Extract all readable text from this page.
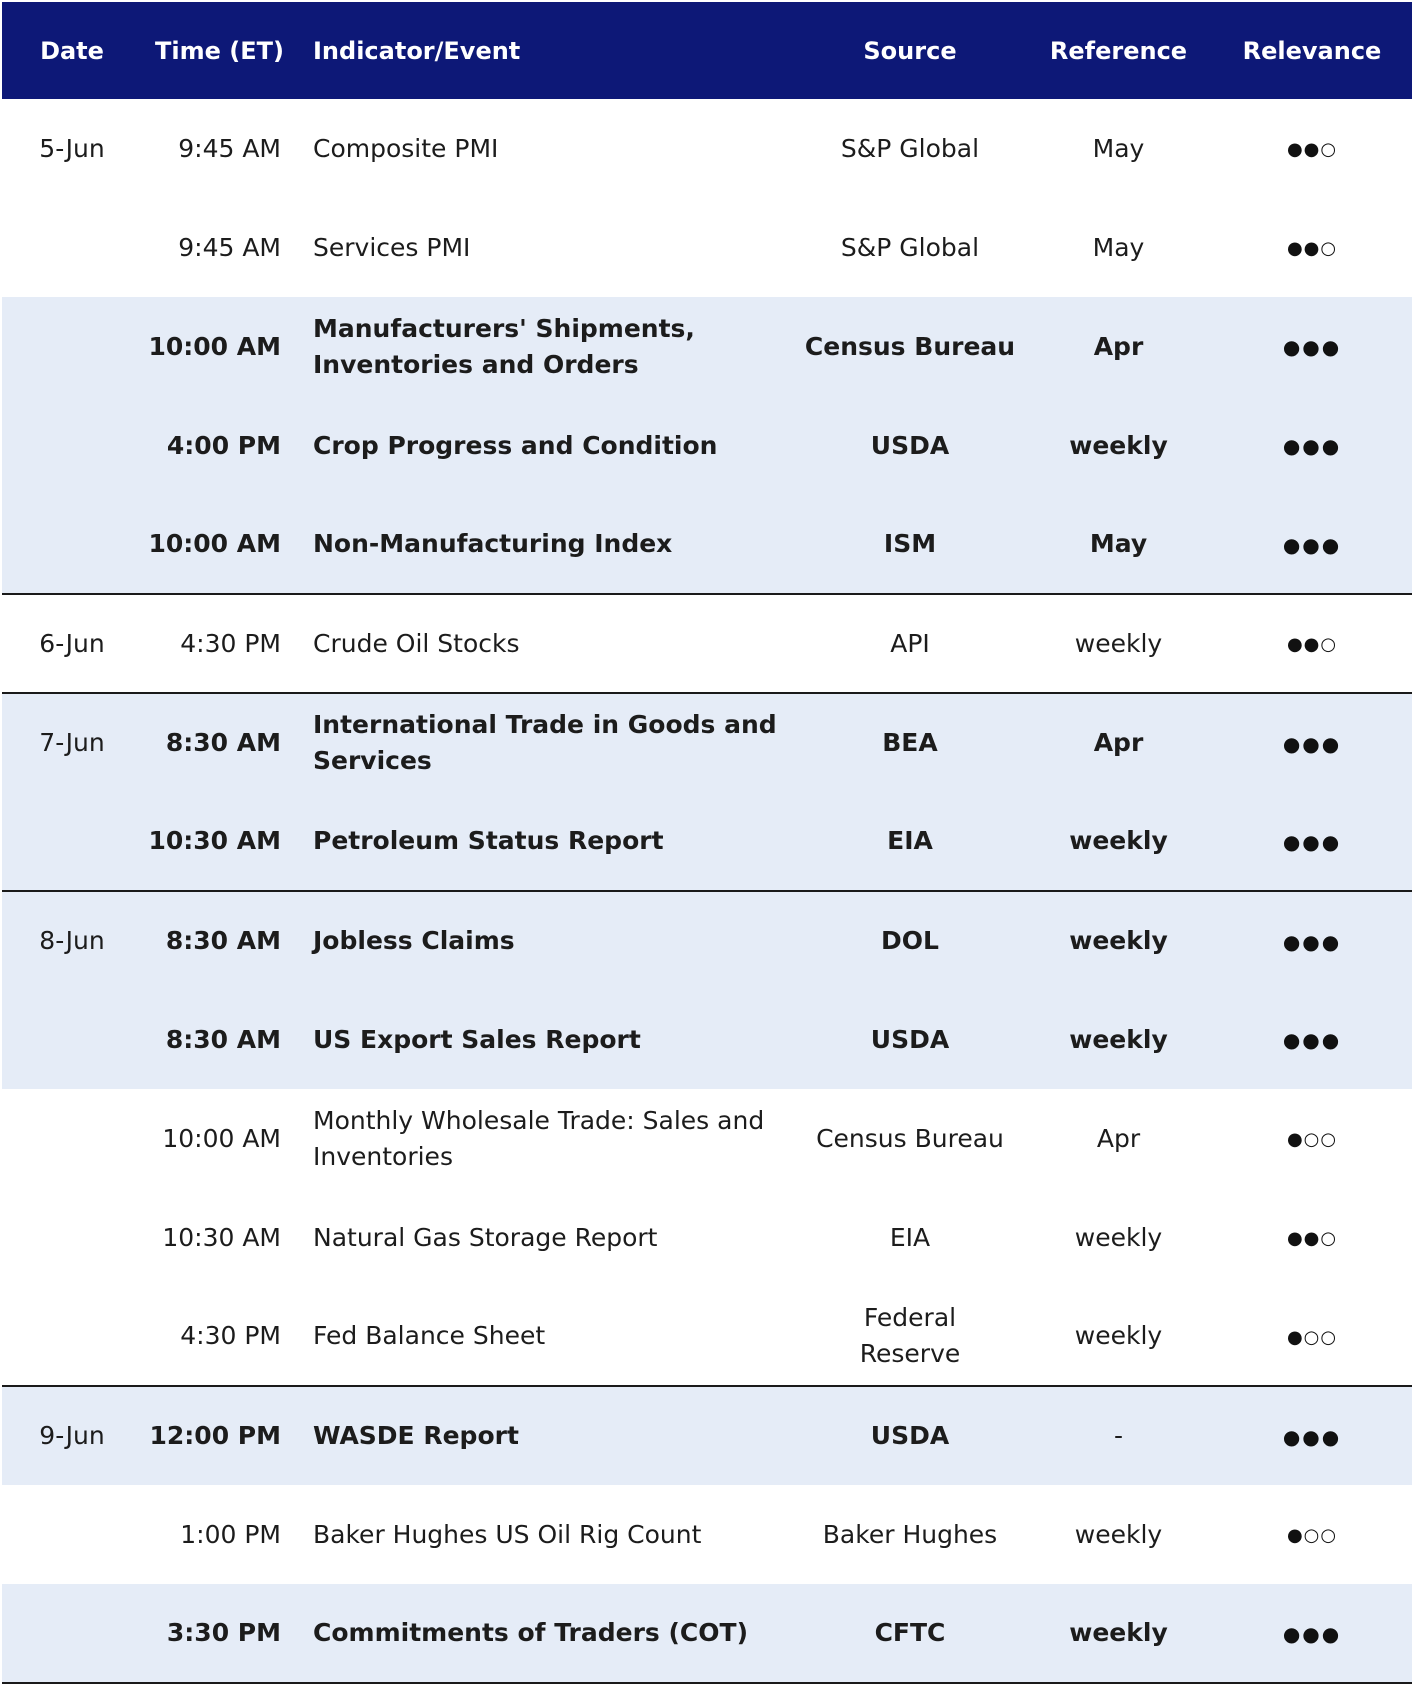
Date	Time (ET)	Indicator/Event	Source	Reference	Relevance
5-Jun	9:45 AM	Composite PMI	S&P Global	May	●●○
	9:45 AM	Services PMI	S&P Global	May	●●○
	10:00 AM	Manufacturers' Shipments, Inventories and Orders	Census Bureau	Apr	●●●
	4:00 PM	Crop Progress and Condition	USDA	weekly	●●●
	10:00 AM	Non-Manufacturing Index	ISM	May	●●●
6-Jun	4:30 PM	Crude Oil Stocks	API	weekly	●●○
7-Jun	8:30 AM	International Trade in Goods and Services	BEA	Apr	●●●
	10:30 AM	Petroleum Status Report	EIA	weekly	●●●
8-Jun	8:30 AM	Jobless Claims	DOL	weekly	●●●
	8:30 AM	US Export Sales Report	USDA	weekly	●●●
	10:00 AM	Monthly Wholesale Trade: Sales and Inventories	Census Bureau	Apr	●○○
	10:30 AM	Natural Gas Storage Report	EIA	weekly	●●○
	4:30 PM	Fed Balance Sheet	Federal Reserve	weekly	●○○
9-Jun	12:00 PM	WASDE Report	USDA	-	●●●
	1:00 PM	Baker Hughes US Oil Rig Count	Baker Hughes	weekly	●○○
	3:30 PM	Commitments of Traders (COT)	CFTC	weekly	●●●
